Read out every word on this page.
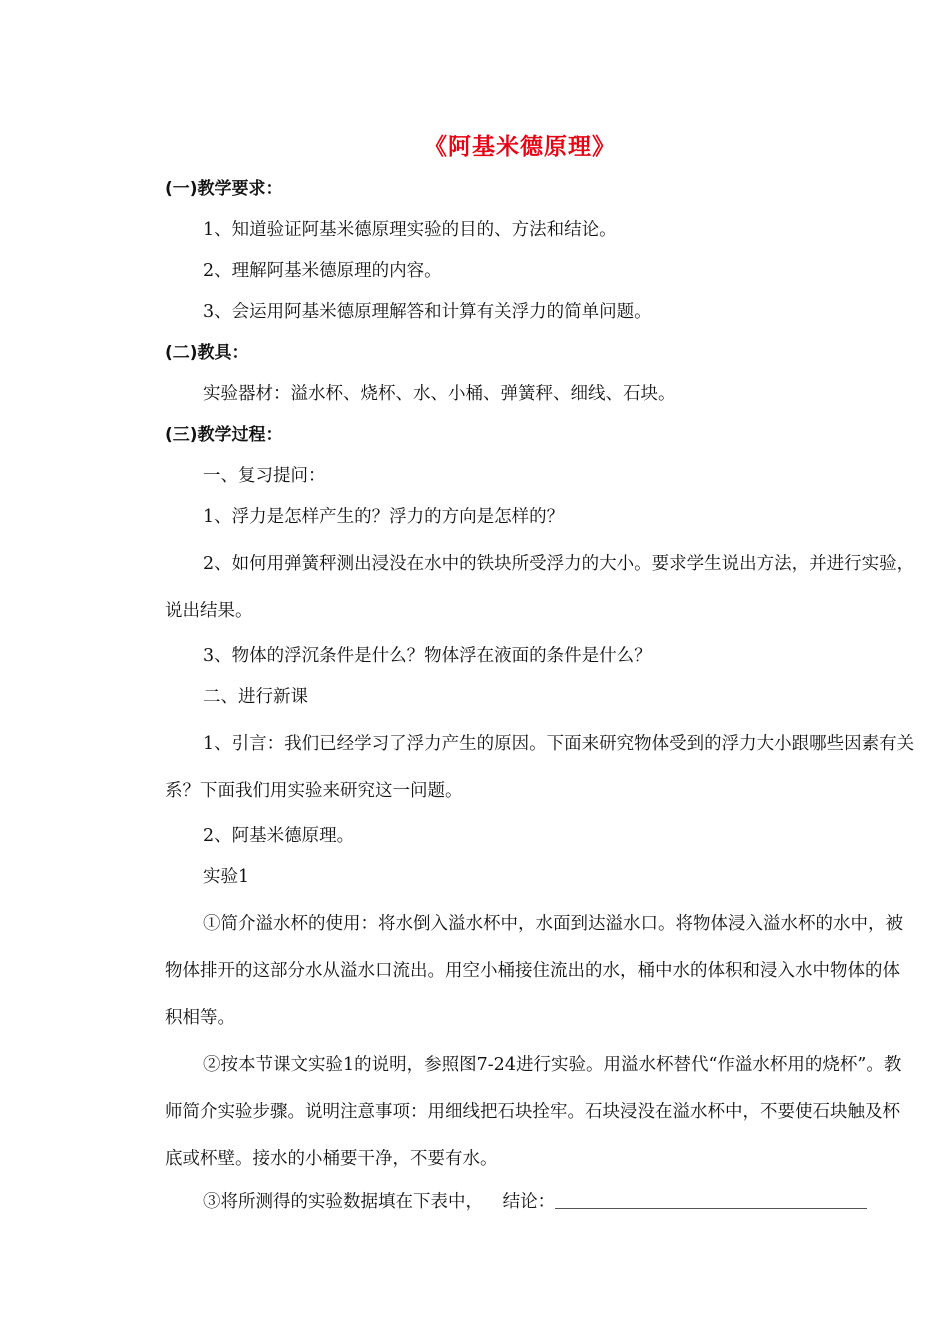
《阿基米德原理》
(一)教学要求：
1、知道验证阿基米德原理实验的目的、方法和结论。
2、理解阿基米德原理的内容。
3、会运用阿基米德原理解答和计算有关浮力的简单问题。
(二)教具：
实验器材：溢水杯、烧杯、水、小桶、弹簧秤、细线、石块。
(三)教学过程：
一、复习提问：
1、浮力是怎样产生的？浮力的方向是怎样的？
2、如何用弹簧秤测出浸没在水中的铁块所受浮力的大小。要求学生说出方法，并进行实验，说出结果。
3、物体的浮沉条件是什么？物体浮在液面的条件是什么？
二、进行新课
1、引言：我们已经学习了浮力产生的原因。下面来研究物体受到的浮力大小跟哪些因素有关系？下面我们用实验来研究这一问题。
2、阿基米德原理。
实验1
①简介溢水杯的使用：将水倒入溢水杯中，水面到达溢水口。将物体浸入溢水杯的水中，被物体排开的这部分水从溢水口流出。用空小桶接住流出的水，桶中水的体积和浸入水中物体的体积相等。
②按本节课文实验1的说明，参照图7-24进行实验。用溢水杯替代“作溢水杯用的烧杯”。教师简介实验步骤。说明注意事项：用细线把石块拴牢。石块浸没在溢水杯中，不要使石块触及杯底或杯壁。接水的小桶要干净，不要有水。
③将所测得的实验数据填在下表中， 结论：
